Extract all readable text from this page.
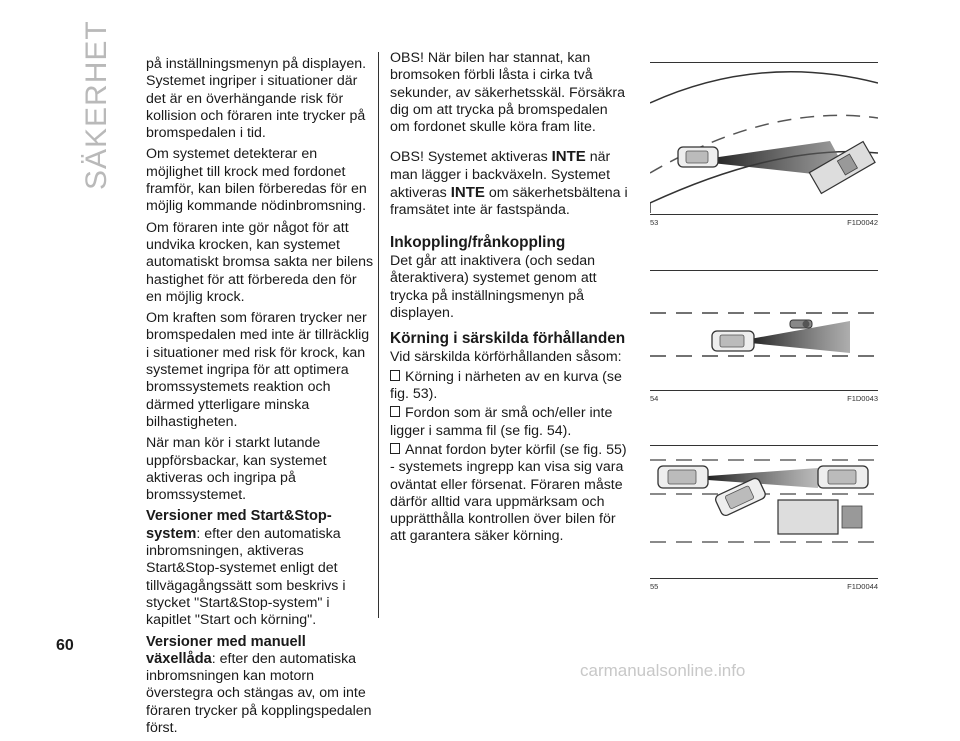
SÄKERHET	på inställningsmenyn på displayen. Systemet ingriper i situationer där det är en överhängande risk för kollision och föraren inte trycker på bromspedalen i tid.

Om systemet detekterar en möjlighet till krock med fordonet framför, kan bilen förberedas för en möjlig kommande nödinbromsning.

Om föraren inte gör något för att undvika krocken, kan systemet automatiskt bromsa sakta ner bilens hastighet för att förbereda den för en möjlig krock.

Om kraften som föraren trycker ner bromspedalen med inte är tillräcklig i situationer med risk för krock, kan systemet ingripa för att optimera bromssystemets reaktion och därmed ytterligare minska bilhastigheten.

När man kör i starkt lutande uppförsbackar, kan systemet aktiveras och ingripa på bromssystemet.

Versioner med Start&Stop-system: efter den automatiska inbromsningen, aktiveras Start&Stop-systemet enligt det tillvägagångssätt som beskrivs i stycket "Start&Stop-system" i kapitlet "Start och körning".

Versioner med manuell växellåda: efter den automatiska inbromsningen kan motorn överstegra och stängas av, om inte föraren trycker på kopplingspedalen först.

OBS! När bilen har stannat, kan bromsoken förbli låsta i cirka två sekunder, av säkerhetsskäl. Försäkra dig om att trycka på bromspedalen om fordonet skulle köra fram lite.

OBS! Systemet aktiveras INTE när man lägger i backväxeln. Systemet aktiveras INTE om säkerhetsbältena i framsätet inte är fastspända.

Inkoppling/frånkoppling

Det går att inaktivera (och sedan återaktivera) systemet genom att trycka på inställningsmenyn på displayen.

Körning i särskilda förhållanden

Vid särskilda körförhållanden såsom:

Körning i närheten av en kurva (se fig. 53).

Fordon som är små och/eller inte ligger i samma fil (se fig. 54).

Annat fordon byter körfil (se fig. 55)

- systemets ingrepp kan visa sig vara oväntat eller försenat. Föraren måste därför alltid vara uppmärksam och upprätthålla kontrollen över bilen för att garantera säker körning.

53	F1D0042
54	F1D0043
55	F1D0044
60
carmanualsonline.info
